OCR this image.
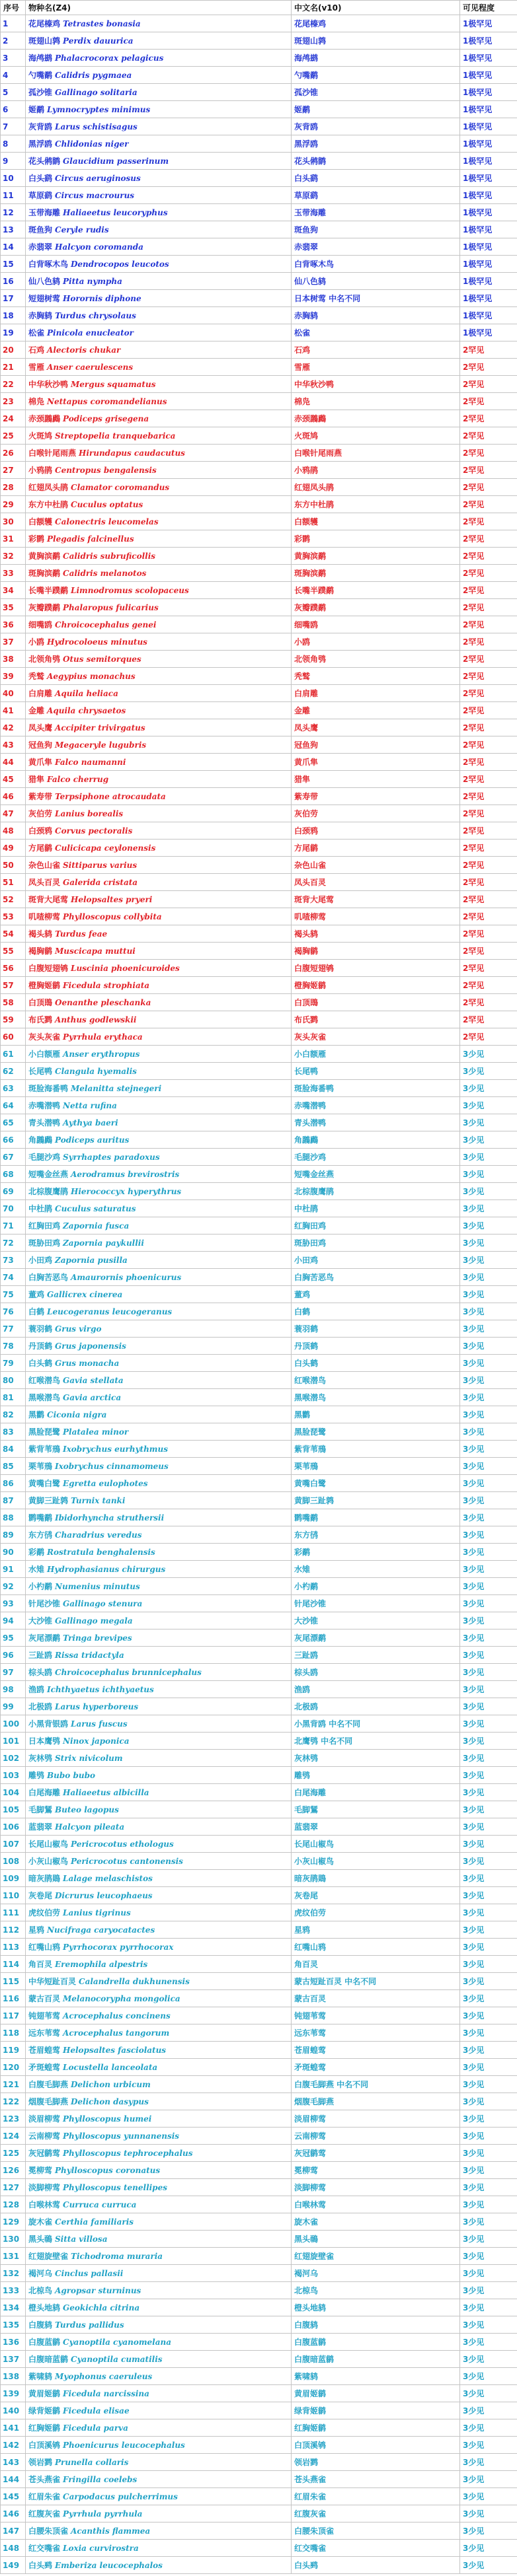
序号	物种名(Z4)	中文名(v10)	可见程度
1	花尾榛鸡 Tetrastes bonasia	花尾榛鸡	1极罕见
2	斑翅山鹑 Perdix dauurica	斑翅山鹑	1极罕见
3	海鸬鹚 Phalacrocorax pelagicus	海鸬鹚	1极罕见
4	勺嘴鹬 Calidris pygmaea	勺嘴鹬	1极罕见
5	孤沙锥 Gallinago solitaria	孤沙锥	1极罕见
6	姬鹬 Lymnocryptes minimus	姬鹬	1极罕见
7	灰背鸥 Larus schistisagus	灰背鸥	1极罕见
8	黑浮鸥 Chlidonias niger	黑浮鸥	1极罕见
9	花头鸺鹠 Glaucidium passerinum	花头鸺鹠	1极罕见
10	白头鹞 Circus aeruginosus	白头鹞	1极罕见
11	草原鹞 Circus macrourus	草原鹞	1极罕见
12	玉带海雕 Haliaeetus leucoryphus	玉带海雕	1极罕见
13	斑鱼狗 Ceryle rudis	斑鱼狗	1极罕见
14	赤翡翠 Halcyon coromanda	赤翡翠	1极罕见
15	白背啄木鸟 Dendrocopos leucotos	白背啄木鸟	1极罕见
16	仙八色鸫 Pitta nympha	仙八色鸫	1极罕见
17	短翅树莺 Horornis diphone	日本树莺 中名不同	1极罕见
18	赤胸鸫 Turdus chrysolaus	赤胸鸫	1极罕见
19	松雀 Pinicola enucleator	松雀	1极罕见
20	石鸡 Alectoris chukar	石鸡	2罕见
21	雪雁 Anser caerulescens	雪雁	2罕见
22	中华秋沙鸭 Mergus squamatus	中华秋沙鸭	2罕见
23	棉凫 Nettapus coromandelianus	棉凫	2罕见
24	赤颈鸊鷉 Podiceps grisegena	赤颈鸊鷉	2罕见
25	火斑鸠 Streptopelia tranquebarica	火斑鸠	2罕见
26	白喉针尾雨燕 Hirundapus caudacutus	白喉针尾雨燕	2罕见
27	小鸦鹃 Centropus bengalensis	小鸦鹃	2罕见
28	红翅凤头鹃 Clamator coromandus	红翅凤头鹃	2罕见
29	东方中杜鹃 Cuculus optatus	东方中杜鹃	2罕见
30	白额鹱 Calonectris leucomelas	白额鹱	2罕见
31	彩鹮 Plegadis falcinellus	彩鹮	2罕见
32	黄胸滨鹬 Calidris subruficollis	黄胸滨鹬	2罕见
33	斑胸滨鹬 Calidris melanotos	斑胸滨鹬	2罕见
34	长嘴半蹼鹬 Limnodromus scolopaceus	长嘴半蹼鹬	2罕见
35	灰瓣蹼鹬 Phalaropus fulicarius	灰瓣蹼鹬	2罕见
36	细嘴鸥 Chroicocephalus genei	细嘴鸥	2罕见
37	小鸥 Hydrocoloeus minutus	小鸥	2罕见
38	北领角鸮 Otus semitorques	北领角鸮	2罕见
39	秃鹫 Aegypius monachus	秃鹫	2罕见
40	白肩雕 Aquila heliaca	白肩雕	2罕见
41	金雕 Aquila chrysaetos	金雕	2罕见
42	凤头鹰 Accipiter trivirgatus	凤头鹰	2罕见
43	冠鱼狗 Megaceryle lugubris	冠鱼狗	2罕见
44	黄爪隼 Falco naumanni	黄爪隼	2罕见
45	猎隼 Falco cherrug	猎隼	2罕见
46	紫寿带 Terpsiphone atrocaudata	紫寿带	2罕见
47	灰伯劳 Lanius borealis	灰伯劳	2罕见
48	白颈鸦 Corvus pectoralis	白颈鸦	2罕见
49	方尾鹟 Culicicapa ceylonensis	方尾鹟	2罕见
50	杂色山雀 Sittiparus varius	杂色山雀	2罕见
51	凤头百灵 Galerida cristata	凤头百灵	2罕见
52	斑背大尾莺 Helopsaltes pryeri	斑背大尾莺	2罕见
53	叽喳柳莺 Phylloscopus collybita	叽喳柳莺	2罕见
54	褐头鸫 Turdus feae	褐头鸫	2罕见
55	褐胸鹟 Muscicapa muttui	褐胸鹟	2罕见
56	白腹短翅鸲 Luscinia phoenicuroides	白腹短翅鸲	2罕见
57	橙胸姬鹟 Ficedula strophiata	橙胸姬鹟	2罕见
58	白顶鵖 Oenanthe pleschanka	白顶鵖	2罕见
59	布氏鹨 Anthus godlewskii	布氏鹨	2罕见
60	灰头灰雀 Pyrrhula erythaca	灰头灰雀	2罕见
61	小白额雁 Anser erythropus	小白额雁	3少见
62	长尾鸭 Clangula hyemalis	长尾鸭	3少见
63	斑脸海番鸭 Melanitta stejnegeri	斑脸海番鸭	3少见
64	赤嘴潜鸭 Netta rufina	赤嘴潜鸭	3少见
65	青头潜鸭 Aythya baeri	青头潜鸭	3少见
66	角鸊鷉 Podiceps auritus	角鸊鷉	3少见
67	毛腿沙鸡 Syrrhaptes paradoxus	毛腿沙鸡	3少见
68	短嘴金丝燕 Aerodramus brevirostris	短嘴金丝燕	3少见
69	北棕腹鹰鹃 Hierococcyx hyperythrus	北棕腹鹰鹃	3少见
70	中杜鹃 Cuculus saturatus	中杜鹃	3少见
71	红胸田鸡 Zapornia fusca	红胸田鸡	3少见
72	斑胁田鸡 Zapornia paykullii	斑胁田鸡	3少见
73	小田鸡 Zapornia pusilla	小田鸡	3少见
74	白胸苦恶鸟 Amaurornis phoenicurus	白胸苦恶鸟	3少见
75	董鸡 Gallicrex cinerea	董鸡	3少见
76	白鹤 Leucogeranus leucogeranus	白鹤	3少见
77	蓑羽鹤 Grus virgo	蓑羽鹤	3少见
78	丹顶鹤 Grus japonensis	丹顶鹤	3少见
79	白头鹤 Grus monacha	白头鹤	3少见
80	红喉潜鸟 Gavia stellata	红喉潜鸟	3少见
81	黑喉潜鸟 Gavia arctica	黑喉潜鸟	3少见
82	黑鹳 Ciconia nigra	黑鹳	3少见
83	黑脸琵鹭 Platalea minor	黑脸琵鹭	3少见
84	紫背苇鳽 Ixobrychus eurhythmus	紫背苇鳽	3少见
85	栗苇鳽 Ixobrychus cinnamomeus	栗苇鳽	3少见
86	黄嘴白鹭 Egretta eulophotes	黄嘴白鹭	3少见
87	黄脚三趾鹑 Turnix tanki	黄脚三趾鹑	3少见
88	鹮嘴鹬 Ibidorhyncha struthersii	鹮嘴鹬	3少见
89	东方鸻 Charadrius veredus	东方鸻	3少见
90	彩鹬 Rostratula benghalensis	彩鹬	3少见
91	水雉 Hydrophasianus chirurgus	水雉	3少见
92	小杓鹬 Numenius minutus	小杓鹬	3少见
93	针尾沙锥 Gallinago stenura	针尾沙锥	3少见
94	大沙锥 Gallinago megala	大沙锥	3少见
95	灰尾漂鹬 Tringa brevipes	灰尾漂鹬	3少见
96	三趾鸥 Rissa tridactyla	三趾鸥	3少见
97	棕头鸥 Chroicocephalus brunnicephalus	棕头鸥	3少见
98	渔鸥 Ichthyaetus ichthyaetus	渔鸥	3少见
99	北极鸥 Larus hyperboreus	北极鸥	3少见
100	小黑背银鸥 Larus fuscus	小黑背鸥 中名不同	3少见
101	日本鹰鸮 Ninox japonica	北鹰鸮 中名不同	3少见
102	灰林鸮 Strix nivicolum	灰林鸮	3少见
103	雕鸮 Bubo bubo	雕鸮	3少见
104	白尾海雕 Haliaeetus albicilla	白尾海雕	3少见
105	毛脚鵟 Buteo lagopus	毛脚鵟	3少见
106	蓝翡翠 Halcyon pileata	蓝翡翠	3少见
107	长尾山椒鸟 Pericrocotus ethologus	长尾山椒鸟	3少见
108	小灰山椒鸟 Pericrocotus cantonensis	小灰山椒鸟	3少见
109	暗灰鹃鵙 Lalage melaschistos	暗灰鹃鵙	3少见
110	灰卷尾 Dicrurus leucophaeus	灰卷尾	3少见
111	虎纹伯劳 Lanius tigrinus	虎纹伯劳	3少见
112	星鸦 Nucifraga caryocatactes	星鸦	3少见
113	红嘴山鸦 Pyrrhocorax pyrrhocorax	红嘴山鸦	3少见
114	角百灵 Eremophila alpestris	角百灵	3少见
115	中华短趾百灵 Calandrella dukhunensis	蒙古短趾百灵 中名不同	3少见
116	蒙古百灵 Melanocorypha mongolica	蒙古百灵	3少见
117	钝翅苇莺 Acrocephalus concinens	钝翅苇莺	3少见
118	远东苇莺 Acrocephalus tangorum	远东苇莺	3少见
119	苍眉蝗莺 Helopsaltes fasciolatus	苍眉蝗莺	3少见
120	矛斑蝗莺 Locustella lanceolata	矛斑蝗莺	3少见
121	白腹毛脚燕 Delichon urbicum	白腹毛脚燕 中名不同	3少见
122	烟腹毛脚燕 Delichon dasypus	烟腹毛脚燕	3少见
123	淡眉柳莺 Phylloscopus humei	淡眉柳莺	3少见
124	云南柳莺 Phylloscopus yunnanensis	云南柳莺	3少见
125	灰冠鹟莺 Phylloscopus tephrocephalus	灰冠鹟莺	3少见
126	冕柳莺 Phylloscopus coronatus	冕柳莺	3少见
127	淡脚柳莺 Phylloscopus tenellipes	淡脚柳莺	3少见
128	白喉林莺 Curruca curruca	白喉林莺	3少见
129	旋木雀 Certhia familiaris	旋木雀	3少见
130	黑头鳾 Sitta villosa	黑头鳾	3少见
131	红翅旋壁雀 Tichodroma muraria	红翅旋壁雀	3少见
132	褐河乌 Cinclus pallasii	褐河乌	3少见
133	北椋鸟 Agropsar sturninus	北椋鸟	3少见
134	橙头地鸫 Geokichla citrina	橙头地鸫	3少见
135	白腹鸫 Turdus pallidus	白腹鸫	3少见
136	白腹蓝鹟 Cyanoptila cyanomelana	白腹蓝鹟	3少见
137	白腹暗蓝鹟 Cyanoptila cumatilis	白腹暗蓝鹟	3少见
138	紫啸鸫 Myophonus caeruleus	紫啸鸫	3少见
139	黄眉姬鹟 Ficedula narcissina	黄眉姬鹟	3少见
140	绿背姬鹟 Ficedula elisae	绿背姬鹟	3少见
141	红胸姬鹟 Ficedula parva	红胸姬鹟	3少见
142	白顶溪鸲 Phoenicurus leucocephalus	白顶溪鸲	3少见
143	领岩鹨 Prunella collaris	领岩鹨	3少见
144	苍头燕雀 Fringilla coelebs	苍头燕雀	3少见
145	红眉朱雀 Carpodacus pulcherrimus	红眉朱雀	3少见
146	红腹灰雀 Pyrrhula pyrrhula	红腹灰雀	3少见
147	白腰朱顶雀 Acanthis flammea	白腰朱顶雀	3少见
148	红交嘴雀 Loxia curvirostra	红交嘴雀	3少见
149	白头鹀 Emberiza leucocephalos	白头鹀	3少见
